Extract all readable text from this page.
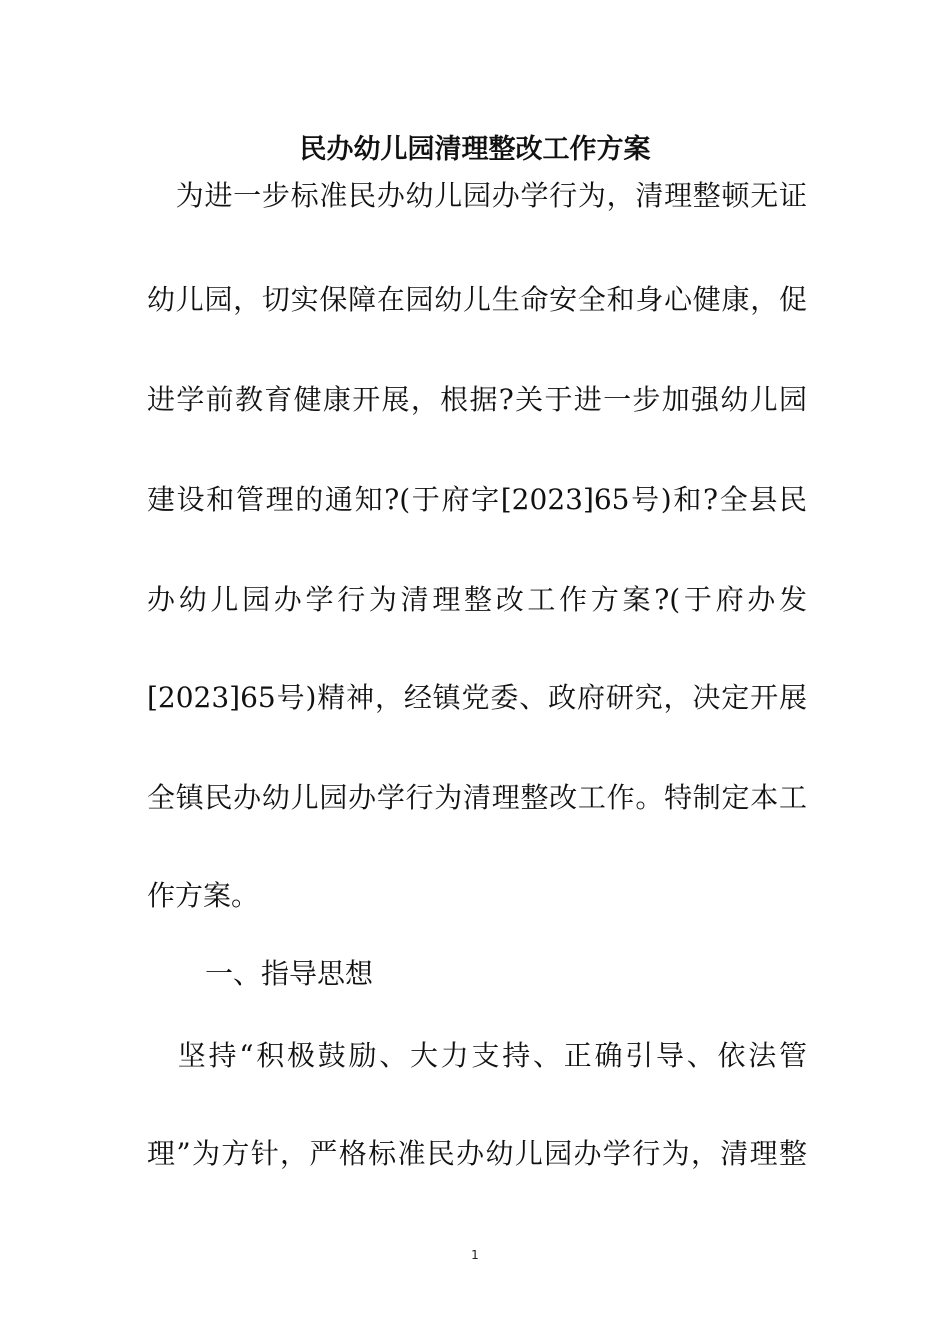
民办幼儿园清理整改工作方案
　为进一步标准民办幼儿园办学行为，清理整顿无证
幼儿园，切实保障在园幼儿生命安全和身心健康，促
进学前教育健康开展，根据?关于进一步加强幼儿园
建设和管理的通知?(于府字[2023]65号)和?全县民
办幼儿园办学行为清理整改工作方案?(于府办发
[2023]65号)精神，经镇党委、政府研究，决定开展
全镇民办幼儿园办学行为清理整改工作。特制定本工
作方案。
一、指导思想
　坚持“积极鼓励、大力支持、正确引导、依法管
理”为方针，严格标准民办幼儿园办学行为，清理整
1
